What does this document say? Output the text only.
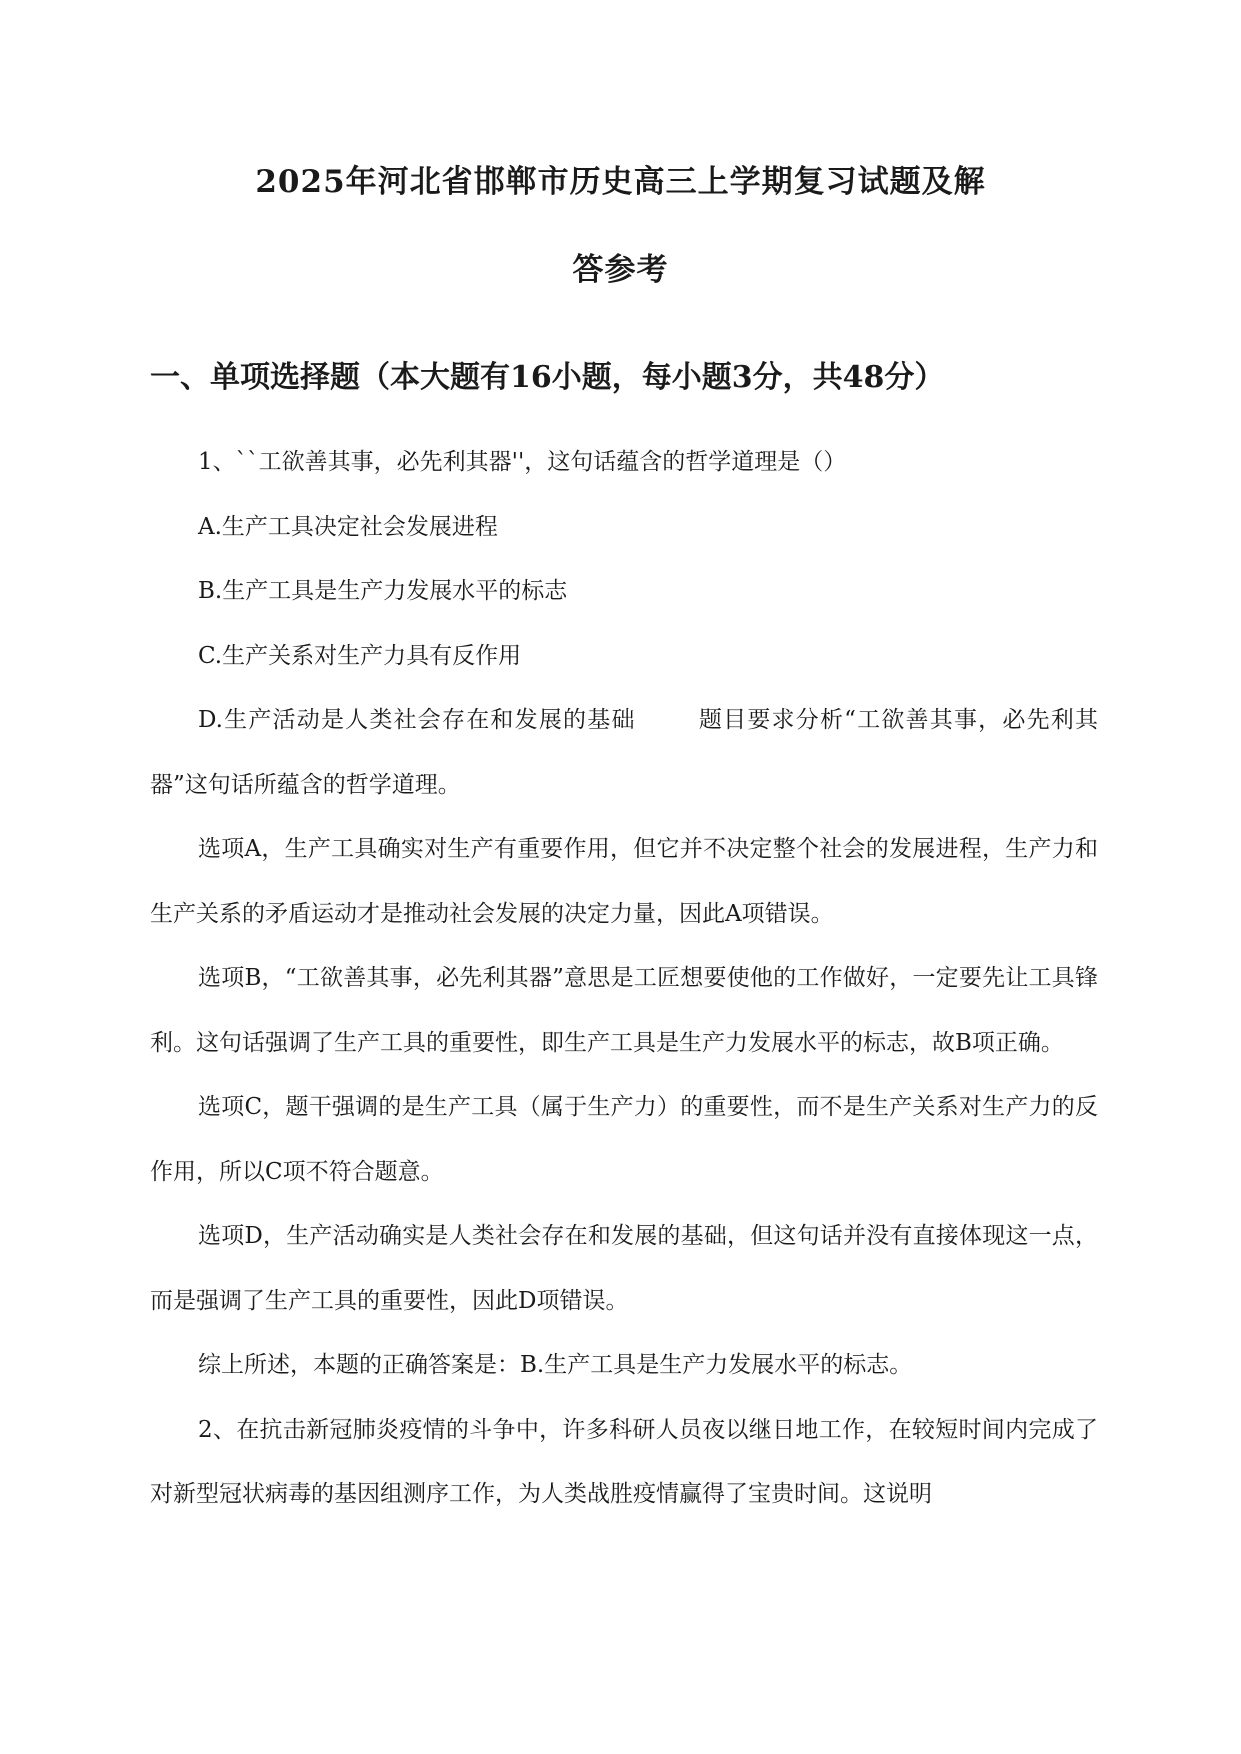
2025年河北省邯郸市历史高三上学期复习试题及解
答参考
一、单项选择题（本大题有16小题，每小题3分，共48分）

1、``工欲善其事，必先利其器''，这句话蕴含的哲学道理是（）

A.生产工具决定社会发展进程

B.生产工具是生产力发展水平的标志

C.生产关系对生产力具有反作用

D.生产活动是人类社会存在和发展的基础	题目要求分析“工欲善其事，必先利其器”这句话所蕴含的哲学道理。

选项A，生产工具确实对生产有重要作用，但它并不决定整个社会的发展进程，生产力和生产关系的矛盾运动才是推动社会发展的决定力量，因此A项错误。

选项B，“工欲善其事，必先利其器”意思是工匠想要使他的工作做好，一定要先让工具锋利。这句话强调了生产工具的重要性，即生产工具是生产力发展水平的标志，故B项正确。

选项C，题干强调的是生产工具（属于生产力）的重要性，而不是生产关系对生产力的反作用，所以C项不符合题意。

选项D，生产活动确实是人类社会存在和发展的基础，但这句话并没有直接体现这一点，而是强调了生产工具的重要性，因此D项错误。

综上所述，本题的正确答案是：B.生产工具是生产力发展水平的标志。

2、在抗击新冠肺炎疫情的斗争中，许多科研人员夜以继日地工作，在较短时间内完成了对新型冠状病毒的基因组测序工作，为人类战胜疫情赢得了宝贵时间。这说明
